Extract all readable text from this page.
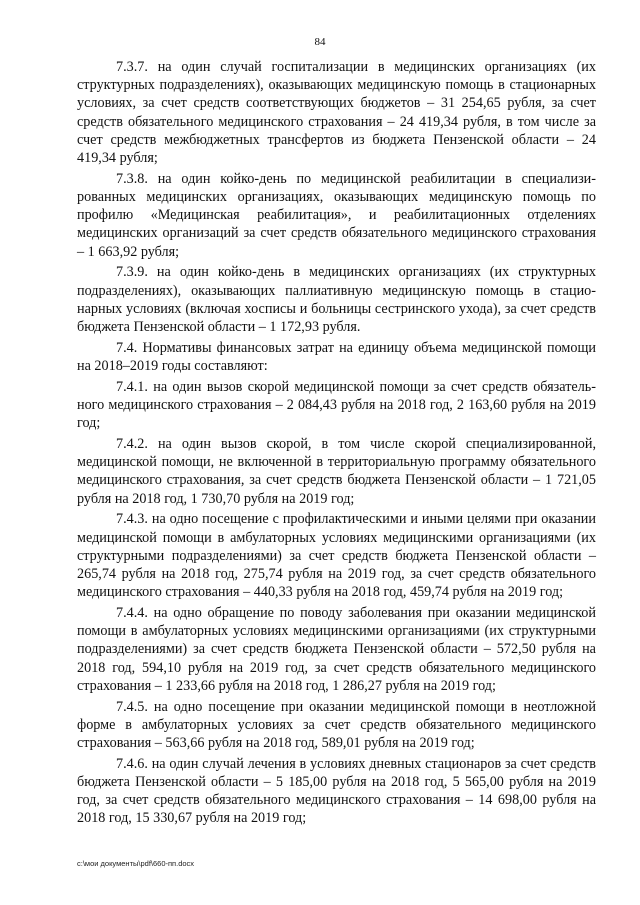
84

7.3.7. на один случай госпитализации в медицинских организациях (их структурных подразделениях), оказывающих медицинскую помощь в стационарных условиях, за счет средств соответствующих бюджетов – 31 254,65 рубля, за счет средств обязательного медицинского страхования – 24 419,34 рубля, в том числе за счет средств межбюджетных трансфертов из бюджета Пензенской области – 24 419,34 рубля;

7.3.8. на один койко-день по медицинской реабилитации в специализированных медицинских организациях, оказывающих медицинскую помощь по профилю «Медицинская реабилитация», и реабилитационных отделениях медицинских организаций за счет средств обязательного медицинского страхования – 1 663,92 рубля;

7.3.9. на один койко-день в медицинских организациях (их структурных подразделениях), оказывающих паллиативную медицинскую помощь в стационарных условиях (включая хосписы и больницы сестринского ухода), за счет средств бюджета Пензенской области – 1 172,93 рубля.

7.4. Нормативы финансовых затрат на единицу объема медицинской помощи на 2018–2019 годы составляют:

7.4.1. на один вызов скорой медицинской помощи за счет средств обязательного медицинского страхования – 2 084,43 рубля на 2018 год, 2 163,60 рубля на 2019 год;

7.4.2. на один вызов скорой, в том числе скорой специализированной, медицинской помощи, не включенной в территориальную программу обязательного медицинского страхования, за счет средств бюджета Пензенской области – 1 721,05 рубля на 2018 год, 1 730,70 рубля на 2019 год;

7.4.3. на одно посещение с профилактическими и иными целями при оказании медицинской помощи в амбулаторных условиях медицинскими организациями (их структурными подразделениями) за счет средств бюджета Пензенской области – 265,74 рубля на 2018 год, 275,74 рубля на 2019 год, за счет средств обязательного медицинского страхования – 440,33 рубля на 2018 год, 459,74 рубля на 2019 год;

7.4.4. на одно обращение по поводу заболевания при оказании медицинской помощи в амбулаторных условиях медицинскими организациями (их структурными подразделениями) за счет средств бюджета Пензенской области – 572,50 рубля на 2018 год, 594,10 рубля на 2019 год, за счет средств обязательного медицинского страхования – 1 233,66 рубля на 2018 год, 1 286,27 рубля на 2019 год;

7.4.5. на одно посещение при оказании медицинской помощи в неотложной форме в амбулаторных условиях за счет средств обязательного медицинского страхования – 563,66 рубля на 2018 год, 589,01 рубля на 2019 год;

7.4.6. на один случай лечения в условиях дневных стационаров за счет средств бюджета Пензенской области – 5 185,00 рубля на 2018 год, 5 565,00 рубля на 2019 год, за счет средств обязательного медицинского страхования – 14 698,00 рубля на 2018 год, 15 330,67 рубля на 2019 год;

c:\мои документы\pdf\660-пп.docx
